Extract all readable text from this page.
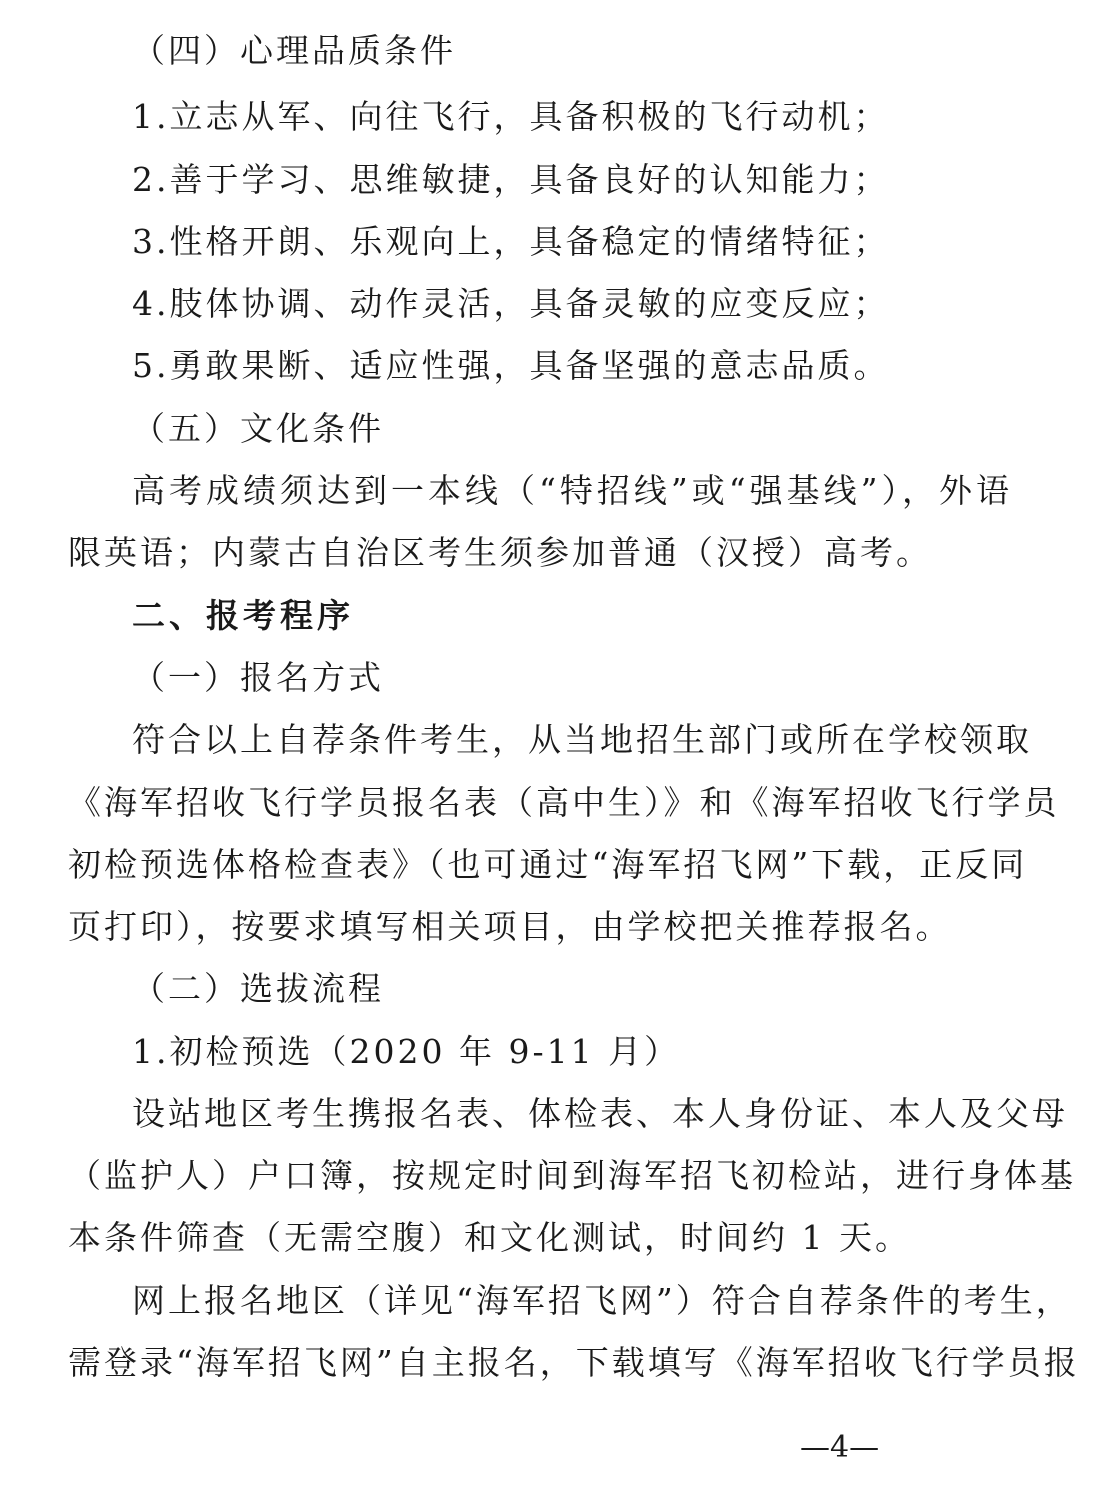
（四）心理品质条件
1.立志从军、向往飞行，具备积极的飞行动机；
2.善于学习、思维敏捷，具备良好的认知能力；
3.性格开朗、乐观向上，具备稳定的情绪特征；
4.肢体协调、动作灵活，具备灵敏的应变反应；
5.勇敢果断、适应性强，具备坚强的意志品质。
（五）文化条件
高考成绩须达到一本线（“特招线”或“强基线”），外语
限英语；内蒙古自治区考生须参加普通（汉授）高考。
二、报考程序
（一）报名方式
符合以上自荐条件考生，从当地招生部门或所在学校领取
《海军招收飞行学员报名表（高中生）》和《海军招收飞行学员
初检预选体格检查表》（也可通过“海军招飞网”下载，正反同
页打印），按要求填写相关项目，由学校把关推荐报名。
（二）选拔流程
1.初检预选（2020 年 9-11 月）
设站地区考生携报名表、体检表、本人身份证、本人及父母
（监护人）户口簿，按规定时间到海军招飞初检站，进行身体基
本条件筛查（无需空腹）和文化测试，时间约 1 天。
网上报名地区（详见“海军招飞网”）符合自荐条件的考生，
需登录“海军招飞网”自主报名，下载填写《海军招收飞行学员报
—4—
